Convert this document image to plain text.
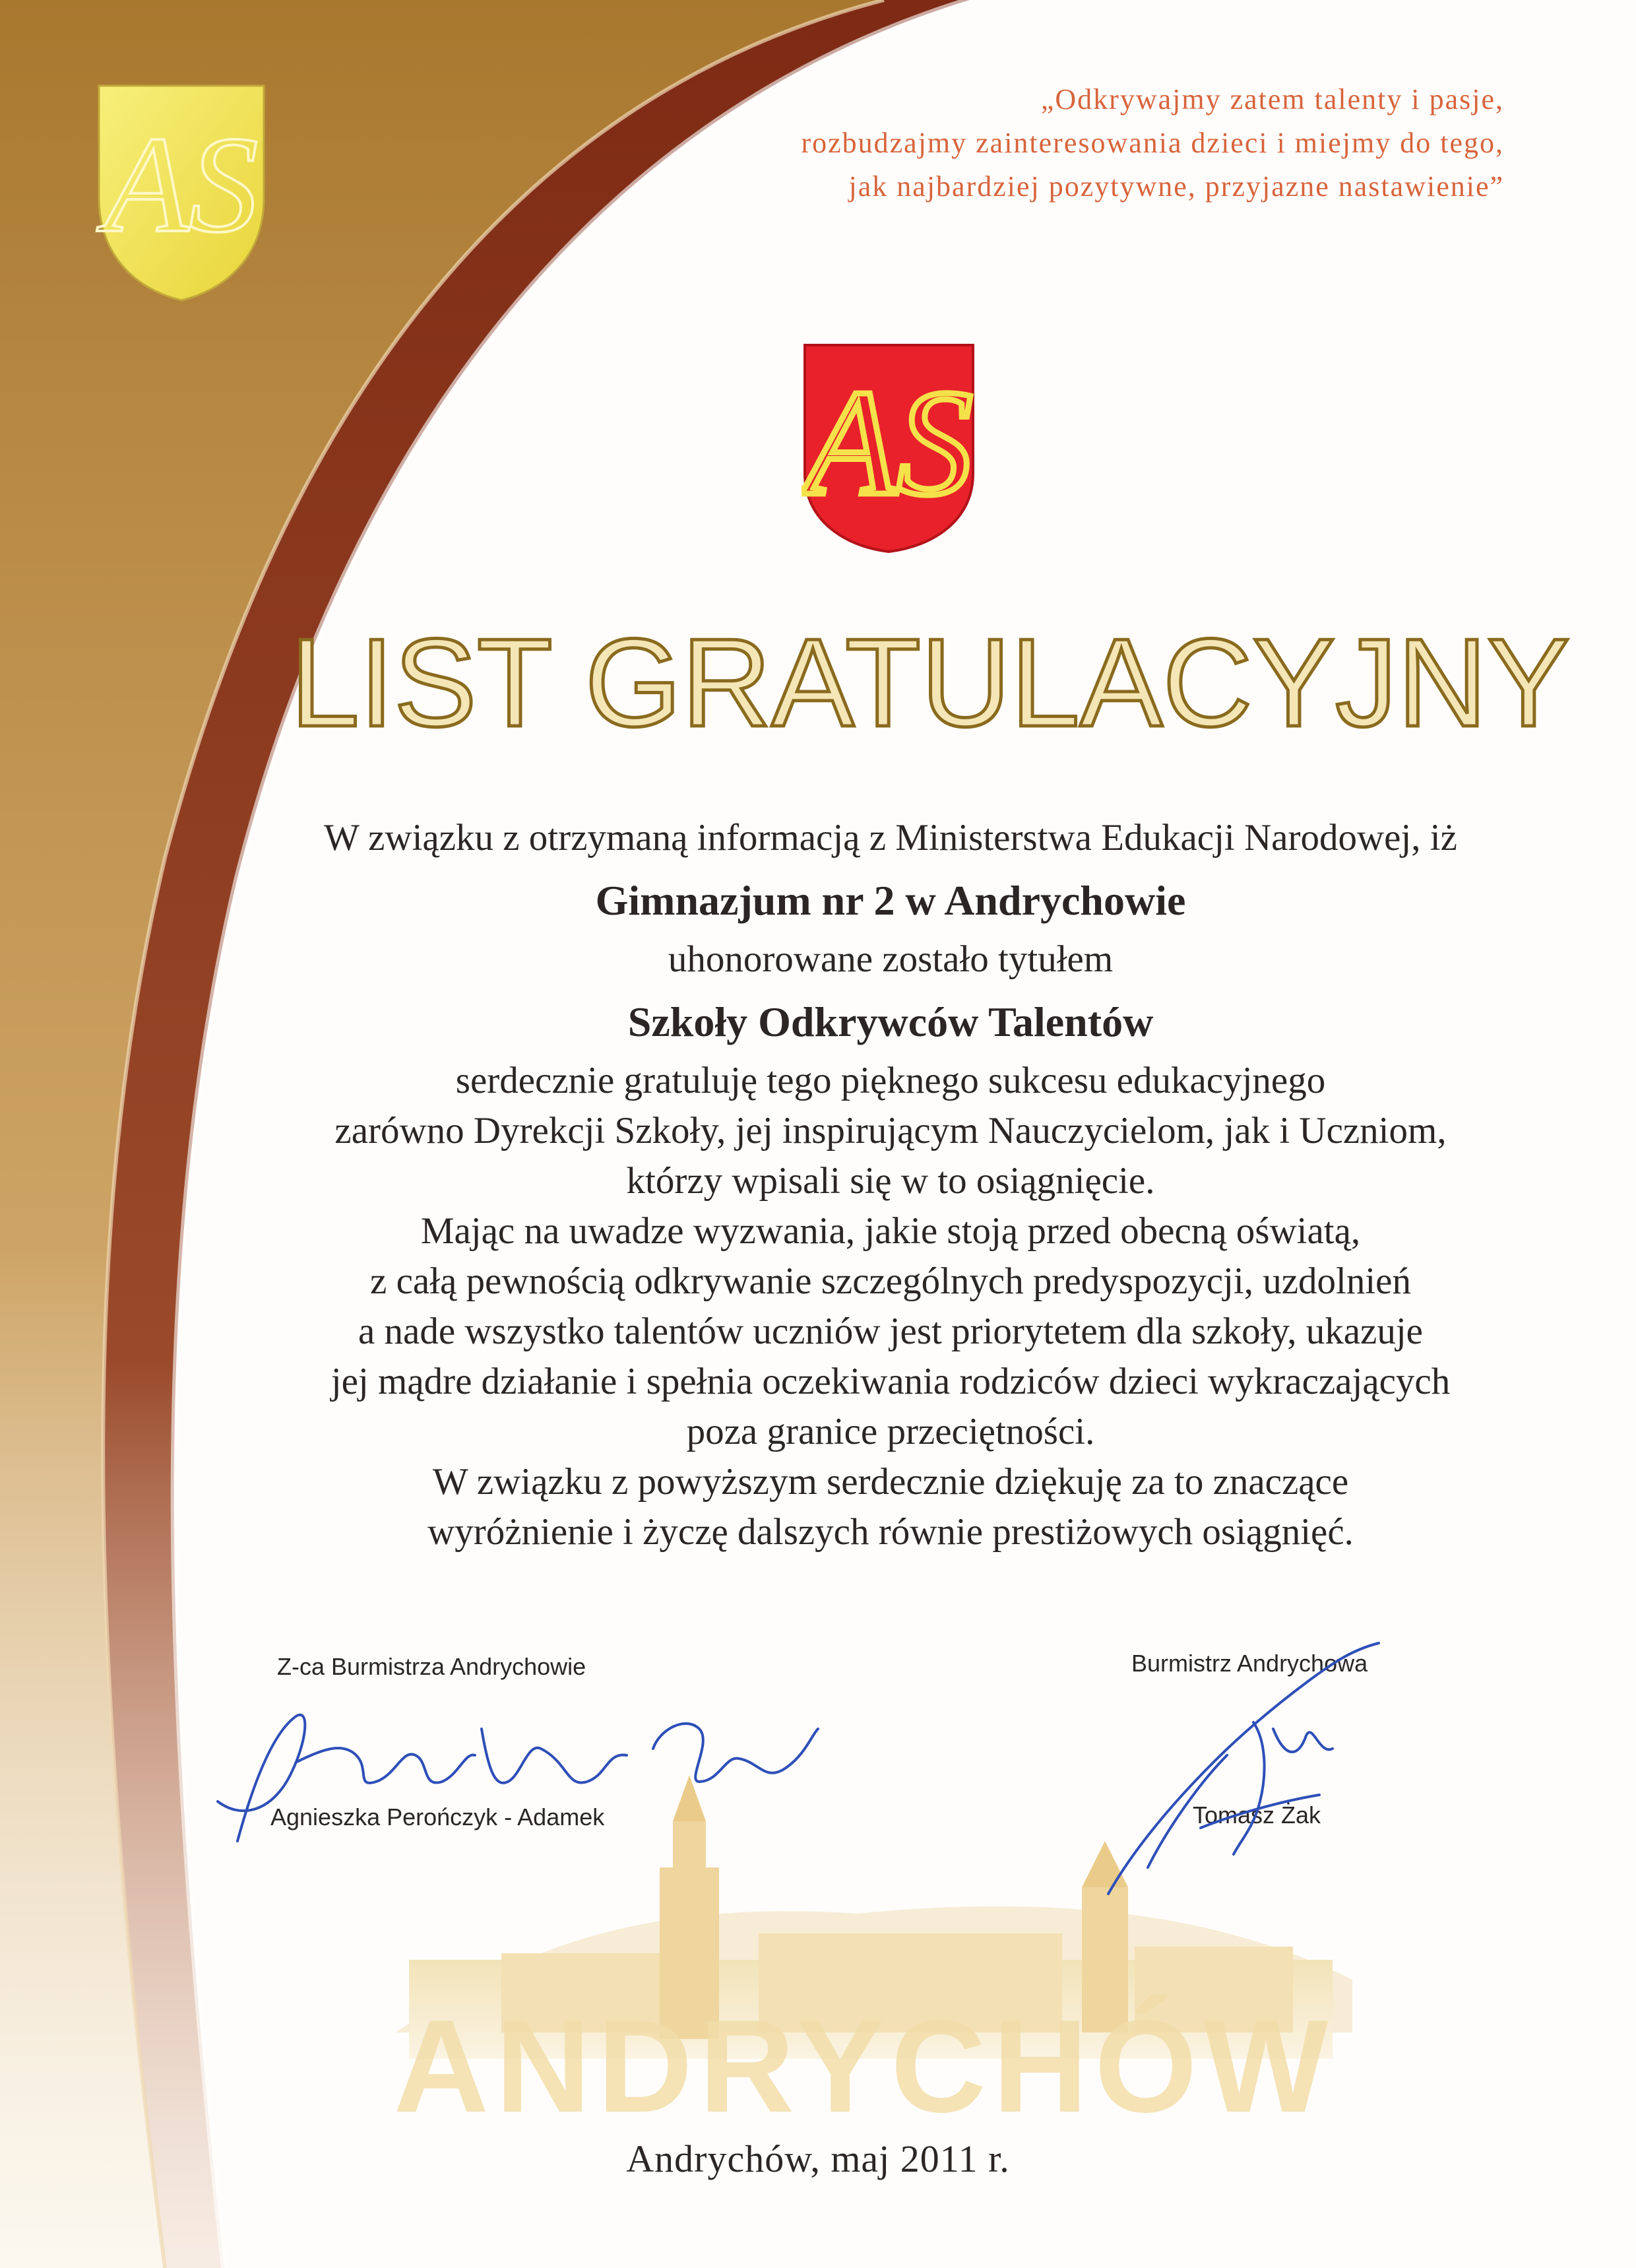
AS
ANDRYCHÓW
„Odkrywajmy zatem talenty i pasje,
rozbudzajmy zainteresowania dzieci i miejmy do tego,
jak najbardziej pozytywne, przyjazne nastawienie”
AS
LIST GRATULACYJNY
W związku z otrzymaną informacją z Ministerstwa Edukacji Narodowej, iż
Gimnazjum nr 2 w Andrychowie
uhonorowane zostało tytułem
Szkoły Odkrywców Talentów
serdecznie gratuluję tego pięknego sukcesu edukacyjnego
zarówno Dyrekcji Szkoły, jej inspirującym Nauczycielom, jak i Uczniom,
którzy wpisali się w to osiągnięcie.
Mając na uwadze wyzwania, jakie stoją przed obecną oświatą,
z całą pewnością odkrywanie szczególnych predyspozycji, uzdolnień
a nade wszystko talentów uczniów jest priorytetem dla szkoły, ukazuje
jej mądre działanie i spełnia oczekiwania rodziców dzieci wykraczających
poza granice przeciętności.
W związku z powyższym serdecznie dziękuję za to znaczące
wyróżnienie i życzę dalszych równie prestiżowych osiągnięć.
Z-ca Burmistrza Andrychowie
Agnieszka Perończyk - Adamek
Burmistrz Andrychowa
Tomasz Żak
Andrychów, maj 2011 r.
